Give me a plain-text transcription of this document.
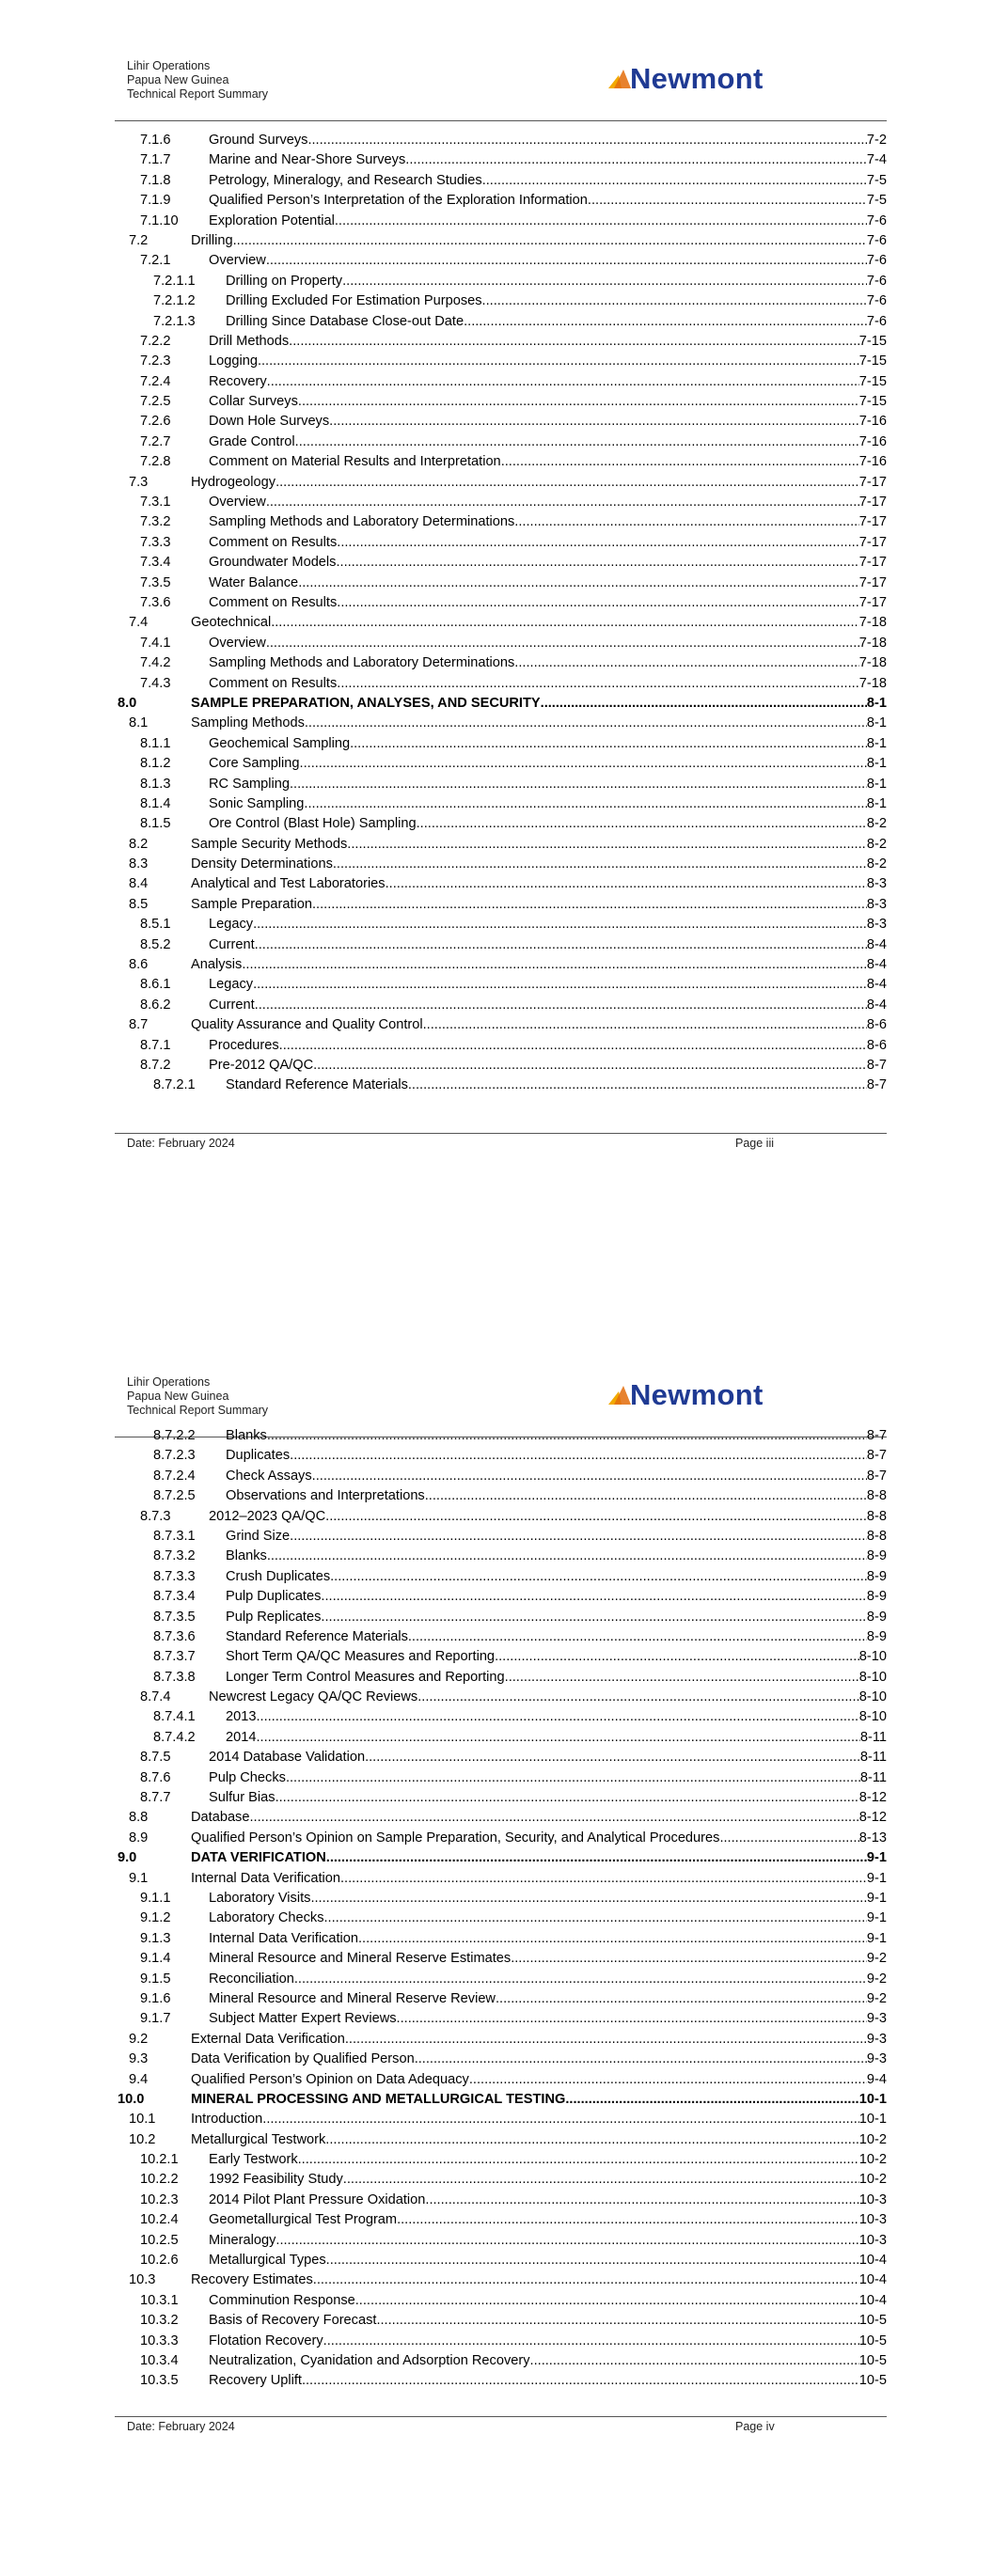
Lihir Operations
Papua New Guinea
Technical Report Summary	Newmont
7.1.6	Ground Surveys .....	7-2
7.1.7	Marine and Near-Shore Surveys .....	7-4
7.1.8	Petrology, Mineralogy, and Research Studies .....	7-5
7.1.9	Qualified Person’s Interpretation of the Exploration Information .....	7-5
7.1.10 Exploration Potential .....	7-6
7.2	Drilling .....	7-6
7.2.1	Overview .....	7-6
7.2.1.1 Drilling on Property .....	7-6
7.2.1.2 Drilling Excluded For Estimation Purposes .....	7-6
7.2.1.3 Drilling Since Database Close-out Date .....	7-6
7.2.2	Drill Methods .....	7-15
7.2.3	Logging .....	7-15
7.2.4	Recovery .....	7-15
7.2.5	Collar Surveys .....	7-15
7.2.6	Down Hole Surveys .....	7-16
7.2.7	Grade Control .....	7-16
7.2.8	Comment on Material Results and Interpretation .....	7-16
7.3	Hydrogeology .....	7-17
7.3.1	Overview .....	7-17
7.3.2	Sampling Methods and Laboratory Determinations .....	7-17
7.3.3	Comment on Results .....	7-17
7.3.4	Groundwater Models .....	7-17
7.3.5	Water Balance .....	7-17
7.3.6	Comment on Results .....	7-17
7.4	Geotechnical .....	7-18
7.4.1	Overview .....	7-18
7.4.2	Sampling Methods and Laboratory Determinations .....	7-18
7.4.3	Comment on Results .....	7-18
8.0	SAMPLE PREPARATION, ANALYSES, AND SECURITY .....	8-1
8.1	Sampling Methods .....	8-1
8.1.1	Geochemical Sampling .....	8-1
8.1.2	Core Sampling .....	8-1
8.1.3	RC Sampling .....	8-1
8.1.4	Sonic Sampling .....	8-1
8.1.5	Ore Control (Blast Hole) Sampling .....	8-2
8.2	Sample Security Methods .....	8-2
8.3	Density Determinations .....	8-2
8.4	Analytical and Test Laboratories .....	8-3
8.5	Sample Preparation .....	8-3
8.5.1	Legacy .....	8-3
8.5.2	Current .....	8-4
8.6	Analysis .....	8-4
8.6.1	Legacy .....	8-4
8.6.2	Current .....	8-4
8.7	Quality Assurance and Quality Control .....	8-6
8.7.1	Procedures .....	8-6
8.7.2	Pre-2012 QA/QC .....	8-7
8.7.2.1 Standard Reference Materials .....	8-7
Date: February 2024	Page iii
Lihir Operations
Papua New Guinea
Technical Report Summary	Newmont
8.7.2.2 Blanks .....	8-7
8.7.2.3 Duplicates .....	8-7
8.7.2.4 Check Assays .....	8-7
8.7.2.5 Observations and Interpretations .....	8-8
8.7.3	2012–2023 QA/QC .....	8-8
8.7.3.1 Grind Size .....	8-8
8.7.3.2 Blanks .....	8-9
8.7.3.3 Crush Duplicates .....	8-9
8.7.3.4 Pulp Duplicates .....	8-9
8.7.3.5 Pulp Replicates .....	8-9
8.7.3.6 Standard Reference Materials .....	8-9
8.7.3.7 Short Term QA/QC Measures and Reporting .....	8-10
8.7.3.8 Longer Term Control Measures and Reporting .....	8-10
8.7.4	Newcrest Legacy QA/QC Reviews .....	8-10
8.7.4.1 2013 .....	8-10
8.7.4.2 2014 .....	8-11
8.7.5	2014 Database Validation .....	8-11
8.7.6	Pulp Checks .....	8-11
8.7.7	Sulfur Bias .....	8-12
8.8	Database .....	8-12
8.9	Qualified Person’s Opinion on Sample Preparation, Security, and Analytical Procedures .....	8-13
9.0	DATA VERIFICATION .....	9-1
9.1	Internal Data Verification .....	9-1
9.1.1	Laboratory Visits .....	9-1
9.1.2	Laboratory Checks .....	9-1
9.1.3	Internal Data Verification .....	9-1
9.1.4	Mineral Resource and Mineral Reserve Estimates .....	9-2
9.1.5	Reconciliation .....	9-2
9.1.6	Mineral Resource and Mineral Reserve Review .....	9-2
9.1.7	Subject Matter Expert Reviews .....	9-3
9.2	External Data Verification .....	9-3
9.3	Data Verification by Qualified Person .....	9-3
9.4	Qualified Person’s Opinion on Data Adequacy .....	9-4
10.0	MINERAL PROCESSING AND METALLURGICAL TESTING .....	10-1
10.1	Introduction .....	10-1
10.2	Metallurgical Testwork .....	10-2
10.2.1 Early Testwork .....	10-2
10.2.2 1992 Feasibility Study .....	10-2
10.2.3 2014 Pilot Plant Pressure Oxidation .....	10-3
10.2.4 Geometallurgical Test Program .....	10-3
10.2.5 Mineralogy .....	10-3
10.2.6 Metallurgical Types .....	10-4
10.3	Recovery Estimates .....	10-4
10.3.1 Comminution Response .....	10-4
10.3.2 Basis of Recovery Forecast .....	10-5
10.3.3 Flotation Recovery .....	10-5
10.3.4 Neutralization, Cyanidation and Adsorption Recovery .....	10-5
10.3.5 Recovery Uplift .....	10-5
Date: February 2024	Page iv
